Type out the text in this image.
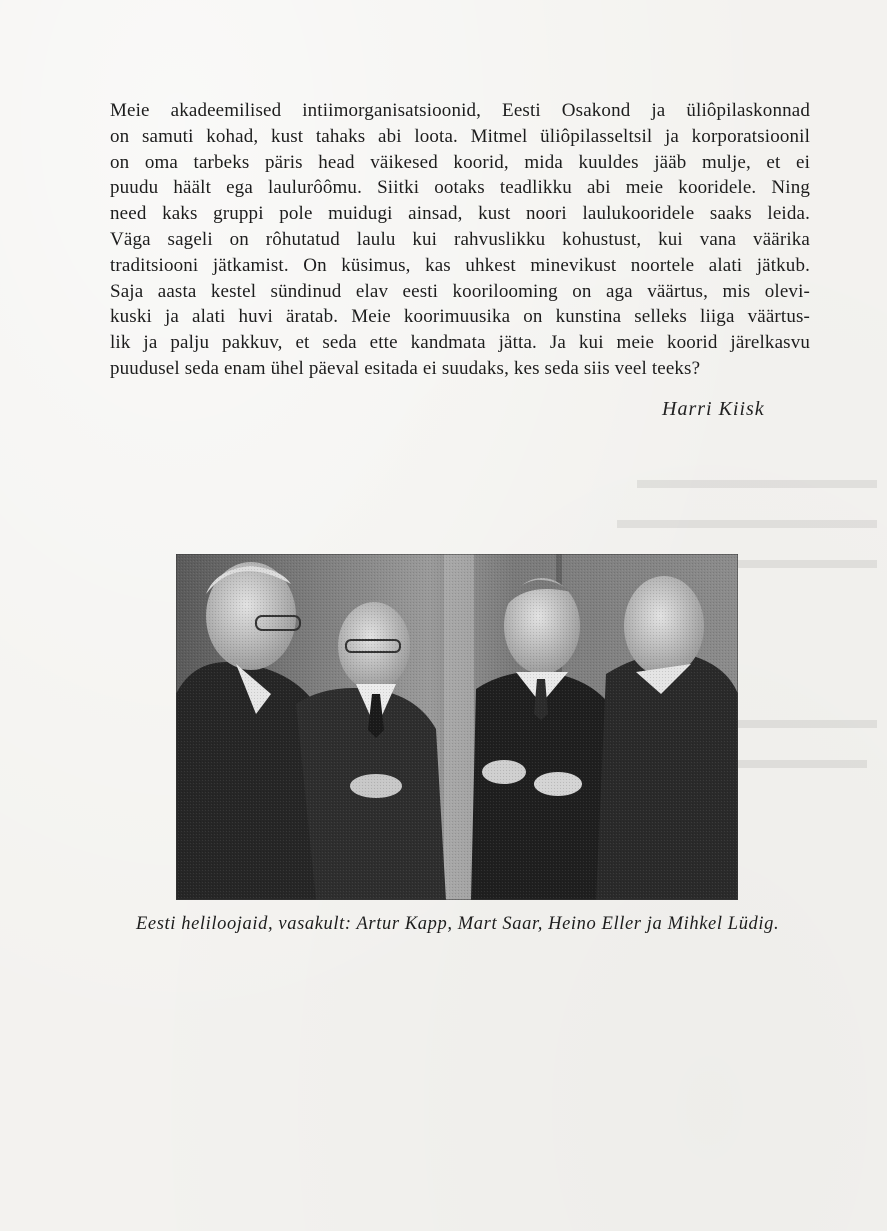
Meie akadeemilised intiimorganisatsioonid, Eesti Osakond ja üliôpilaskonnad
on samuti kohad, kust tahaks abi loota. Mitmel üliôpilasseltsil ja korporatsioonil
on oma tarbeks päris head väikesed koorid, mida kuuldes jääb mulje, et ei
puudu häält ega laulurôômu. Siitki ootaks teadlikku abi meie kooridele. Ning
need kaks gruppi pole muidugi ainsad, kust noori laulukooridele saaks leida.
Väga sageli on rôhutatud laulu kui rahvuslikku kohustust, kui vana väärika
traditsiooni jätkamist. On küsimus, kas uhkest minevikust noortele alati jätkub.
Saja aasta kestel sündinud elav eesti koorilooming on aga väärtus, mis olevi-
kuski ja alati huvi äratab. Meie koorimuusika on kunstina selleks liiga väärtus-
lik ja palju pakkuv, et seda ette kandmata jätta. Ja kui meie koorid järelkasvu
puudusel seda enam ühel päeval esitada ei suudaks, kes seda siis veel teeks?
Harri Kiisk
Eesti heliloojaid, vasakult: Artur Kapp, Mart Saar, Heino Eller ja Mihkel Lüdig.
